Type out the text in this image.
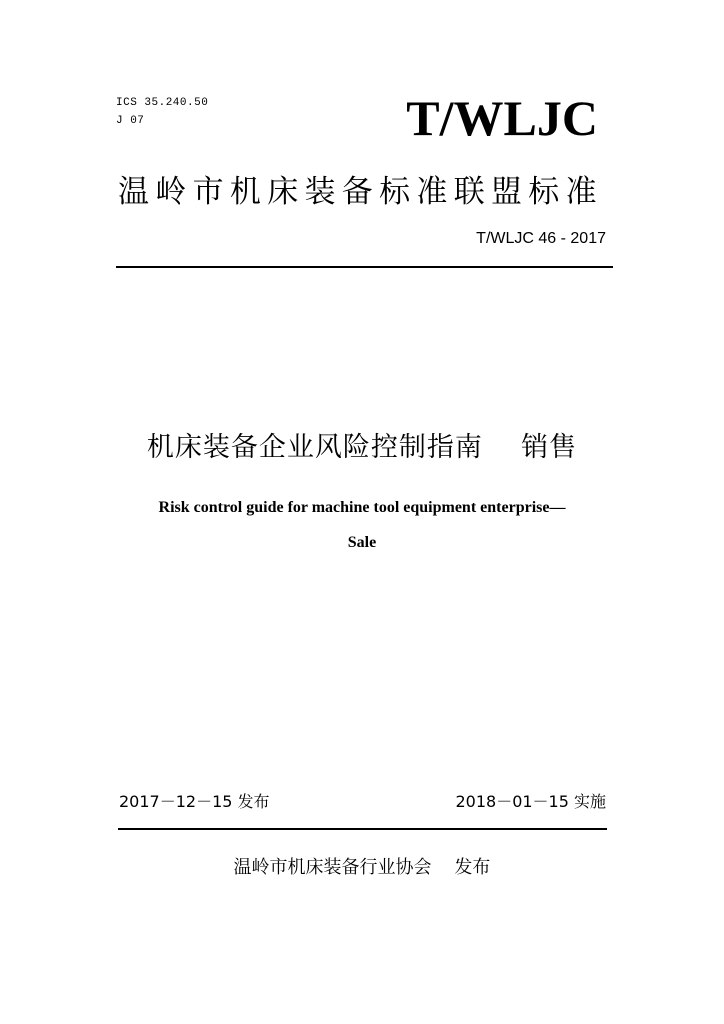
ICS 35.240.50
J 07	T/WLJC
温岭市机床装备标准联盟标准
T/WLJC 46 - 2017
机床装备企业风险控制指南    销售
Risk control guide for machine tool equipment enterprise—
Sale
2017－12－15 发布	2018－01－15 实施
温岭市机床装备行业协会    发布
